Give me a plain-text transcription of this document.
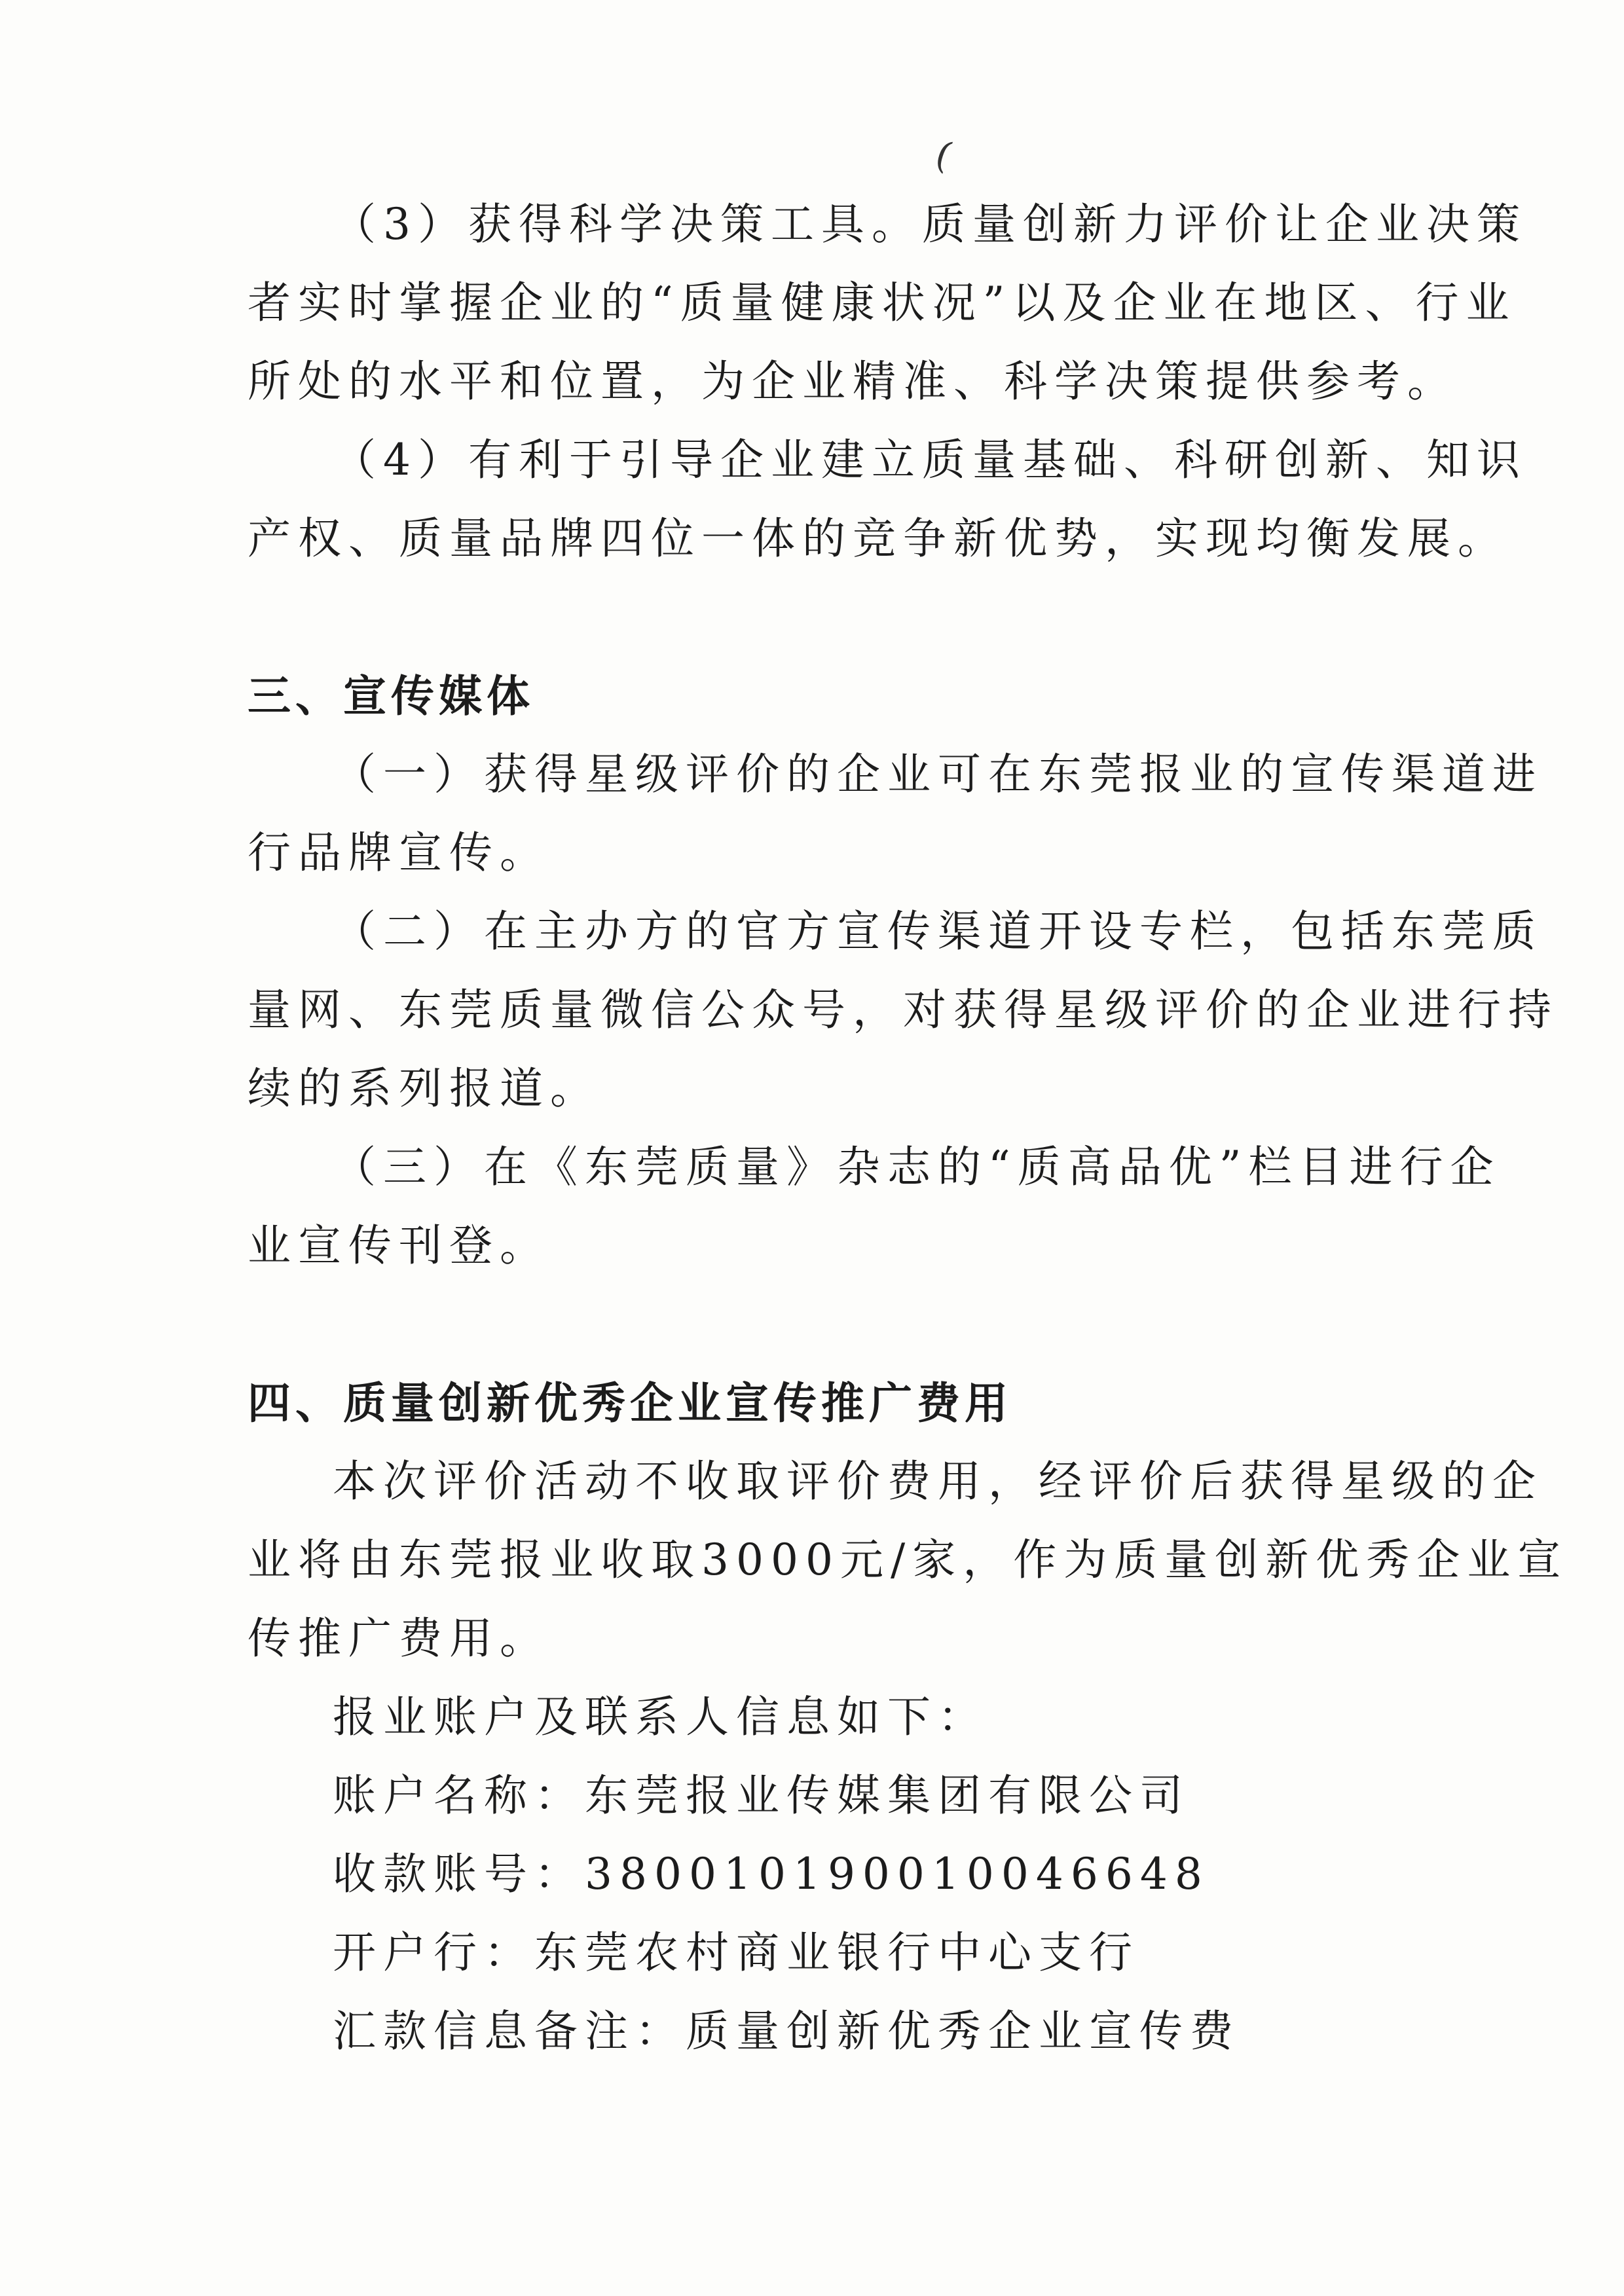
(
（3）获得科学决策工具。质量创新力评价让企业决策
者实时掌握企业的“质量健康状况”以及企业在地区、行业
所处的水平和位置，为企业精准、科学决策提供参考。
（4）有利于引导企业建立质量基础、科研创新、知识
产权、质量品牌四位一体的竞争新优势，实现均衡发展。
三、宣传媒体
（一）获得星级评价的企业可在东莞报业的宣传渠道进
行品牌宣传。
（二）在主办方的官方宣传渠道开设专栏，包括东莞质
量网、东莞质量微信公众号，对获得星级评价的企业进行持
续的系列报道。
（三）在《东莞质量》杂志的“质高品优”栏目进行企
业宣传刊登。
四、质量创新优秀企业宣传推广费用
本次评价活动不收取评价费用，经评价后获得星级的企
业将由东莞报业收取3000元/家，作为质量创新优秀企业宣
传推广费用。
报业账户及联系人信息如下：
账户名称：东莞报业传媒集团有限公司
收款账号：380010190010046648
开户行：东莞农村商业银行中心支行
汇款信息备注：质量创新优秀企业宣传费
